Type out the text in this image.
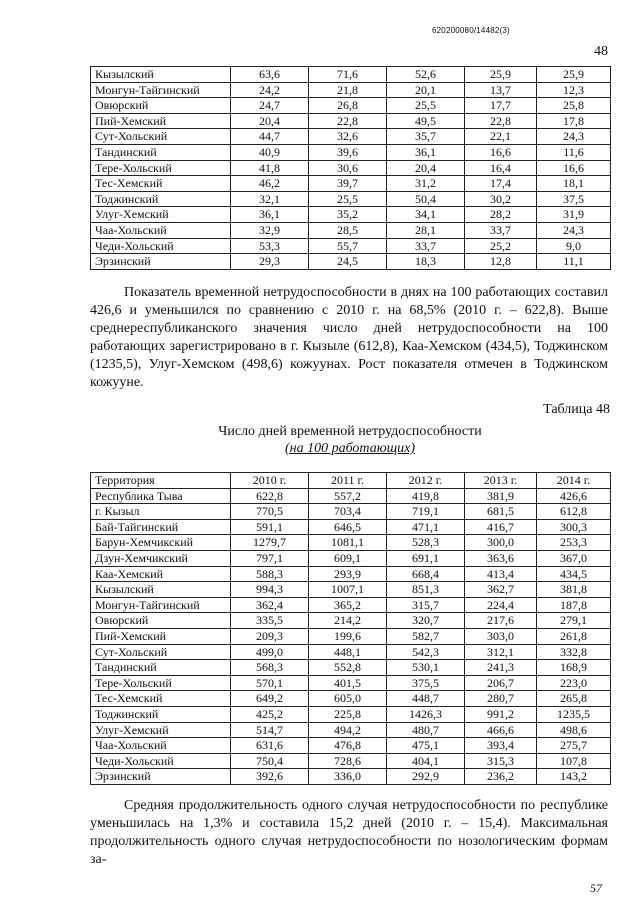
620200080/14482(3)
48
Кызылский	63,6	71,6	52,6	25,9	25,9
Монгун-Тайгинский	24,2	21,8	20,1	13,7	12,3
Овюрский	24,7	26,8	25,5	17,7	25,8
Пий-Хемский	20,4	22,8	49,5	22,8	17,8
Сут-Хольский	44,7	32,6	35,7	22,1	24,3
Тандинский	40,9	39,6	36,1	16,6	11,6
Тере-Хольский	41,8	30,6	20,4	16,4	16,6
Тес-Хемский	46,2	39,7	31,2	17,4	18,1
Тоджинский	32,1	25,5	50,4	30,2	37,5
Улуг-Хемский	36,1	35,2	34,1	28,2	31,9
Чаа-Хольский	32,9	28,5	28,1	33,7	24,3
Чеди-Хольский	53,3	55,7	33,7	25,2	9,0
Эрзинский	29,3	24,5	18,3	12,8	11,1

Показатель временной нетрудоспособности в днях на 100 работающих составил 426,6 и уменьшился по сравнению с 2010 г. на 68,5% (2010 г. – 622,8). Выше среднереспубликанского значения число дней нетрудоспособности на 100 работающих зарегистрировано в г. Кызыле (612,8), Каа-Хемском (434,5), Тоджинском (1235,5), Улуг-Хемском (498,6) кожуунах. Рост показателя отмечен в Тоджинском кожууне.

Таблица 48
Число дней временной нетрудоспособности
(на 100 работающих)
Территория	2010 г.	2011 г.	2012 г.	2013 г.	2014 г.
Республика Тыва	622,8	557,2	419,8	381,9	426,6
г. Кызыл	770,5	703,4	719,1	681,5	612,8
Бай-Тайгинский	591,1	646,5	471,1	416,7	300,3
Барун-Хемчикский	1279,7	1081,1	528,3	300,0	253,3
Дзун-Хемчикский	797,1	609,1	691,1	363,6	367,0
Каа-Хемский	588,3	293,9	668,4	413,4	434,5
Кызылский	994,3	1007,1	851,3	362,7	381,8
Монгун-Тайгинский	362,4	365,2	315,7	224,4	187,8
Овюрский	335,5	214,2	320,7	217,6	279,1
Пий-Хемский	209,3	199,6	582,7	303,0	261,8
Сут-Хольский	499,0	448,1	542,3	312,1	332,8
Тандинский	568,3	552,8	530,1	241,3	168,9
Тере-Хольский	570,1	401,5	375,5	206,7	223,0
Тес-Хемский	649,2	605,0	448,7	280,7	265,8
Тоджинский	425,2	225,8	1426,3	991,2	1235,5
Улуг-Хемский	514,7	494,2	480,7	466,6	498,6
Чаа-Хольский	631,6	476,8	475,1	393,4	275,7
Чеди-Хольский	750,4	728,6	404,1	315,3	107,8
Эрзинский	392,6	336,0	292,9	236,2	143,2

Средняя продолжительность одного случая нетрудоспособности по республике уменьшилась на 1,3% и составила 15,2 дней (2010 г. – 15,4). Максимальная продолжительность одного случая нетрудоспособности по нозологическим формам за-

57
